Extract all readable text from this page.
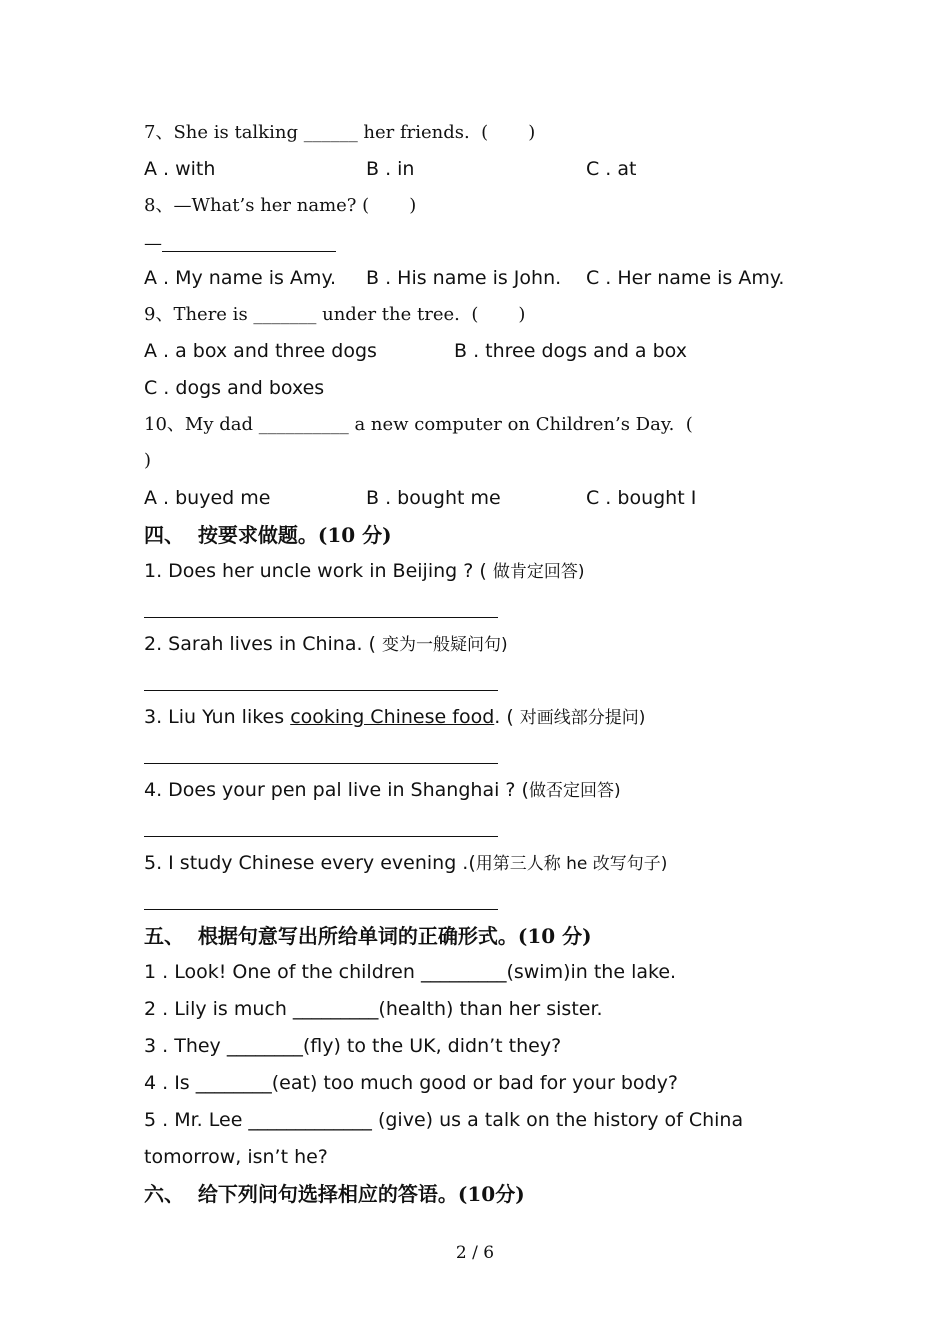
7、She is talking ______ her friends.  (       )
A . with	B . in	C . at
8、—What’s her name? (       )
—
A . My name is Amy. B . His name is John. C . Her name is Amy.
9、There is _______ under the tree.  (       )
A . a box and three dogs	B . three dogs and a box
C . dogs and boxes
10、My dad __________ a new computer on Children’s Day.  (
)
A . buyed me	B . bought me	C . bought I
四、  按要求做题。(10 分)
1. Does her uncle work in Beijing ? ( 做肯定回答)
2. Sarah lives in China. ( 变为一般疑问句)
3. Liu Yun likes cooking Chinese food. ( 对画线部分提问)
4. Does your pen pal live in Shanghai ? (做否定回答)
5. I study Chinese every evening .(用第三人称 he 改写句子)
五、  根据句意写出所给单词的正确形式。(10 分)
1 . Look! One of the children _________(swim)in the lake.
2 . Lily is much _________(health) than her sister.
3 . They ________(fly) to the UK, didn’t they?
4 . Is ________(eat) too much good or bad for your body?
5 . Mr. Lee _____________ (give) us a talk on the history of China
tomorrow, isn’t he?
六、  给下列问句选择相应的答语。(10分)
2 / 6
